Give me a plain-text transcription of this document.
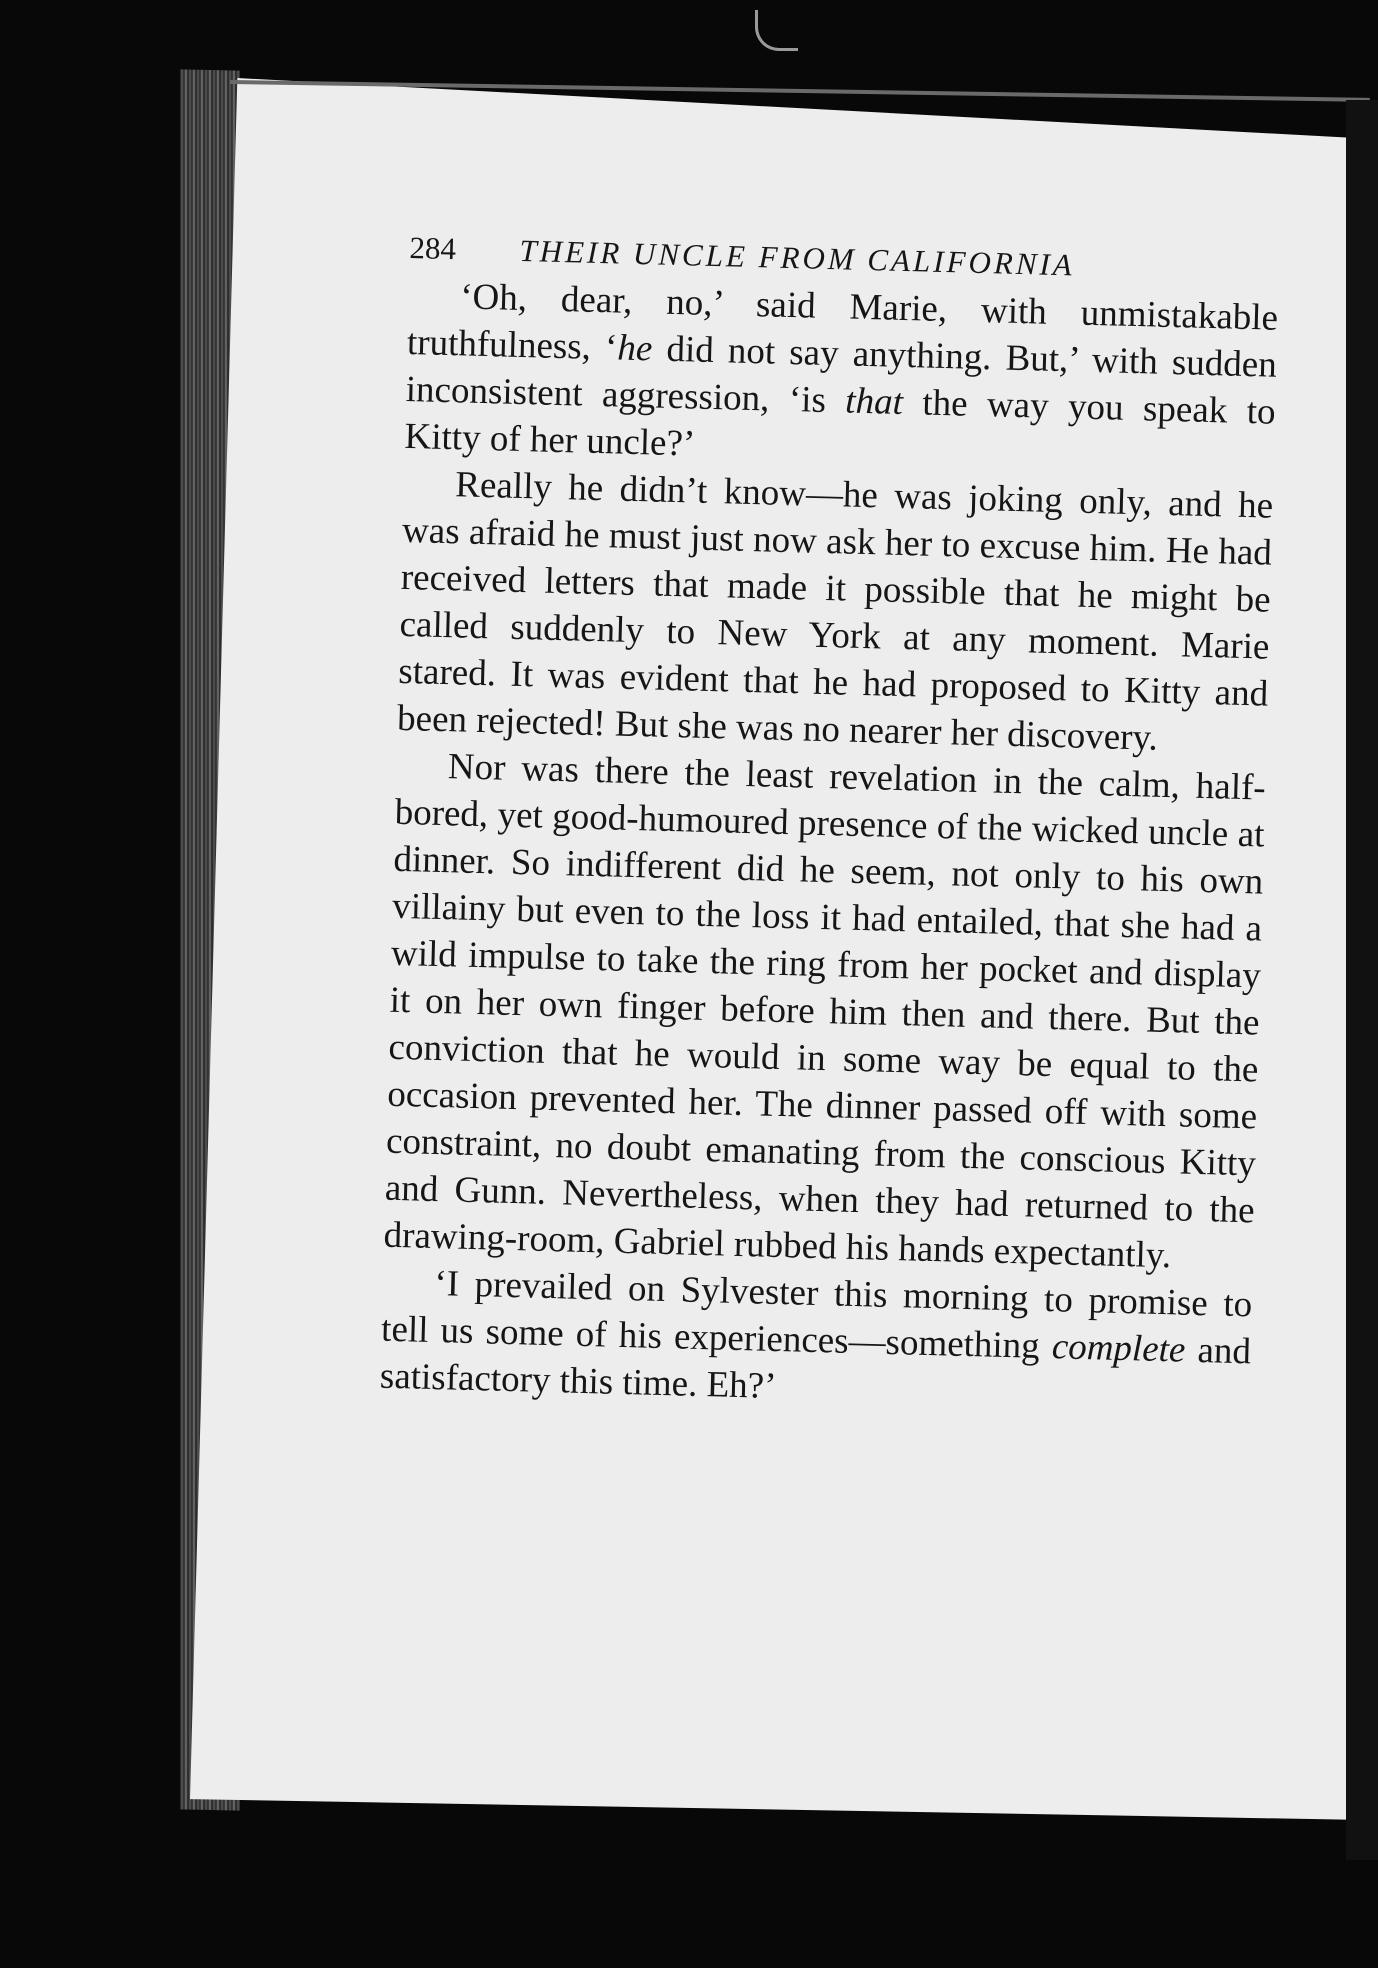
284	THEIR UNCLE FROM CALIFORNIA

‘Oh, dear, no,’ said Marie, with unmistakable truthfulness, ‘he did not say anything. But,’ with sudden inconsistent aggression, ‘is that the way you speak to Kitty of her uncle?’

Really he didn’t know—he was joking only, and he was afraid he must just now ask her to excuse him. He had received letters that made it possible that he might be called suddenly to New York at any moment. Marie stared. It was evident that he had proposed to Kitty and been rejected! But she was no nearer her discovery.

Nor was there the least revelation in the calm, half-bored, yet good-humoured presence of the wicked uncle at dinner. So indifferent did he seem, not only to his own villainy but even to the loss it had entailed, that she had a wild impulse to take the ring from her pocket and display it on her own finger before him then and there. But the conviction that he would in some way be equal to the occasion prevented her. The dinner passed off with some constraint, no doubt emanating from the conscious Kitty and Gunn. Nevertheless, when they had returned to the drawing-room, Gabriel rubbed his hands expectantly.

‘I prevailed on Sylvester this morning to promise to tell us some of his experiences—something complete and satisfactory this time. Eh?’
